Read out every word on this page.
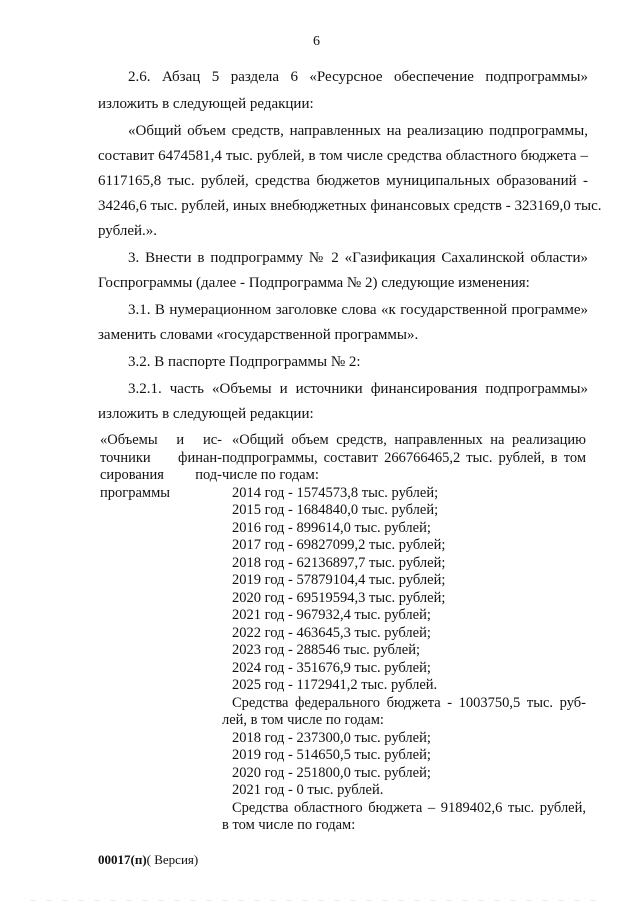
6
2.6. Абзац 5 раздела 6 «Ресурсное обеспечение подпрограммы»
изложить в следующей редакции:
«Общий объем средств, направленных на реализацию подпрограммы,
составит 6474581,4 тыс. рублей, в том числе средства областного бюджета –
6117165,8 тыс. рублей, средства бюджетов муниципальных образований -
34246,6 тыс. рублей, иных внебюджетных финансовых средств - 323169,0 тыс.
рублей.».
3. Внести в подпрограмму № 2 «Газификация Сахалинской области»
Госпрограммы (далее - Подпрограмма № 2) следующие изменения:
3.1. В нумерационном заголовке слова «к государственной программе»
заменить словами «государственной программы».
3.2. В паспорте Подпрограммы № 2:
3.2.1. часть «Объемы и источники финансирования подпрограммы»
изложить в следующей редакции:
«Объемы и ис-
точники финан-
сирования под-
программы
«Общий объем средств, направленных на реализацию
подпрограммы, составит 266766465,2 тыс. рублей, в том
числе по годам:
2014 год - 1574573,8 тыс. рублей;
2015 год - 1684840,0 тыс. рублей;
2016 год - 899614,0 тыс. рублей;
2017 год - 69827099,2 тыс. рублей;
2018 год - 62136897,7 тыс. рублей;
2019 год - 57879104,4 тыс. рублей;
2020 год - 69519594,3 тыс. рублей;
2021 год - 967932,4 тыс. рублей;
2022 год - 463645,3 тыс. рублей;
2023 год - 288546 тыс. рублей;
2024 год - 351676,9 тыс. рублей;
2025 год - 1172941,2 тыс. рублей.
Средства федерального бюджета - 1003750,5 тыс. руб-
лей, в том числе по годам:
2018 год - 237300,0 тыс. рублей;
2019 год - 514650,5 тыс. рублей;
2020 год - 251800,0 тыс. рублей;
2021 год - 0 тыс. рублей.
Средства областного бюджета – 9189402,6 тыс. рублей,
в том числе по годам:
00017(п)( Версия)
